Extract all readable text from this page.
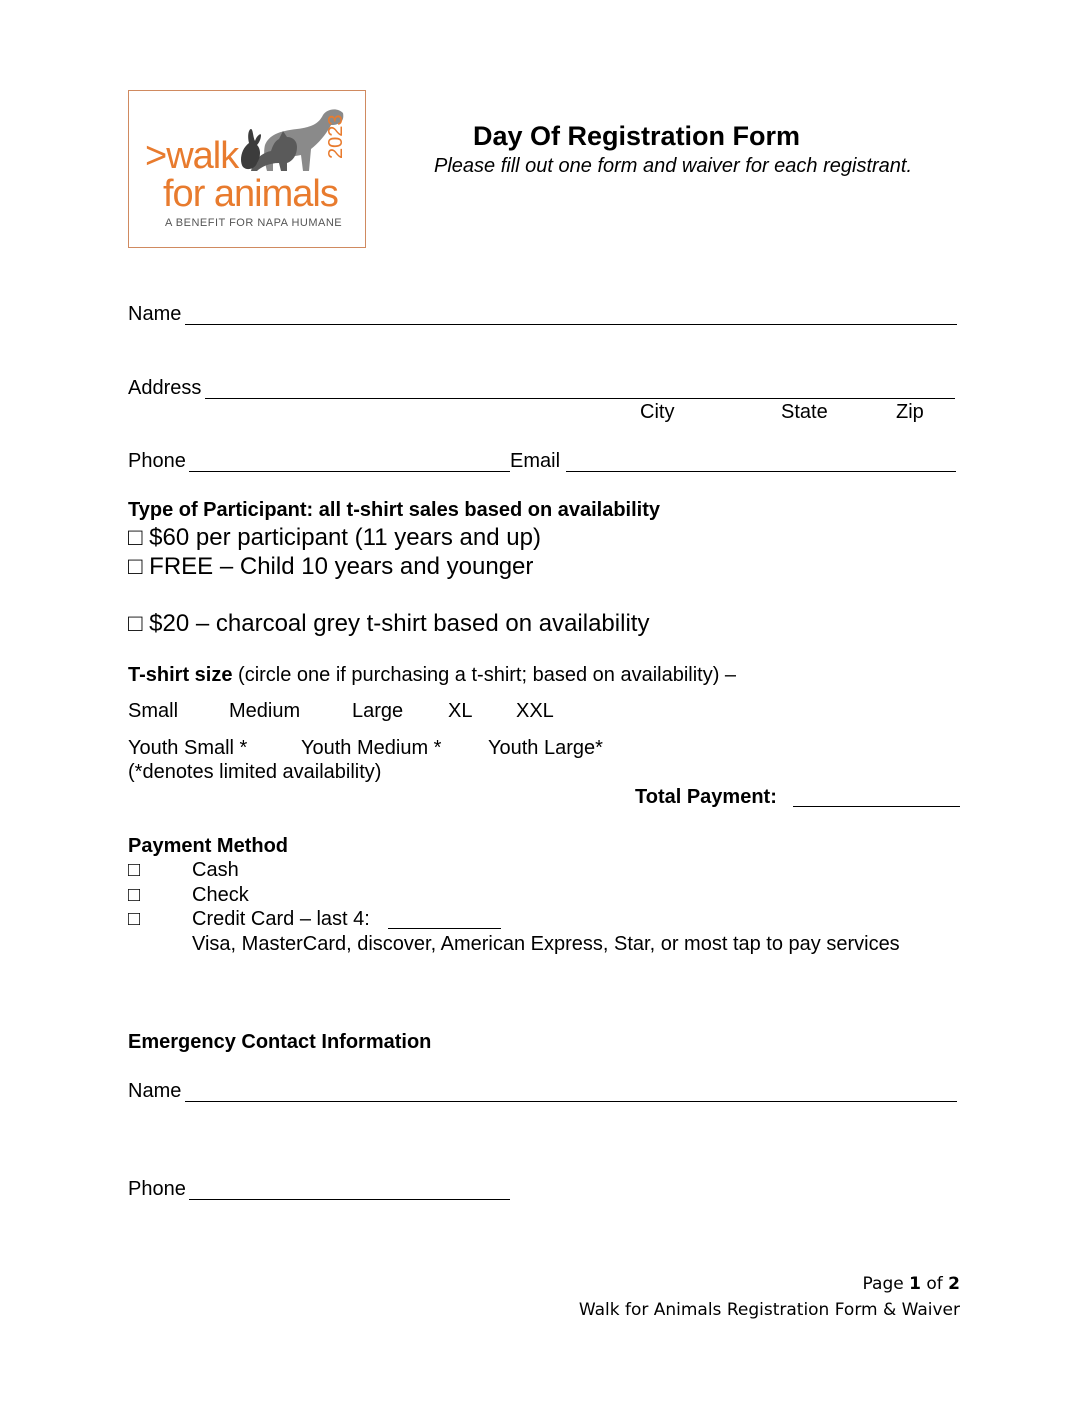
>walk
for animals
2023
A BENEFIT FOR NAPA HUMANE
Day Of Registration Form
Please fill out one form and waiver for each registrant.
Name
Address
City	State	Zip
Phone	Email
Type of Participant: all t-shirt sales based on availability
□ $60 per participant (11 years and up)
□ FREE – Child 10 years and younger
□ $20 – charcoal grey t-shirt based on availability
T-shirt size (circle one if purchasing a t-shirt; based on availability) –
Small	Medium	Large XL XXL
Youth Small *	Youth Medium * Youth Large*
(*denotes limited availability)
Total Payment:
Payment Method
□	Cash
□	Check
□	Credit Card – last 4:
Visa, MasterCard, discover, American Express, Star, or most tap to pay services
Emergency Contact Information
Name
Phone
Page 1 of 2
Walk for Animals Registration Form & Waiver
